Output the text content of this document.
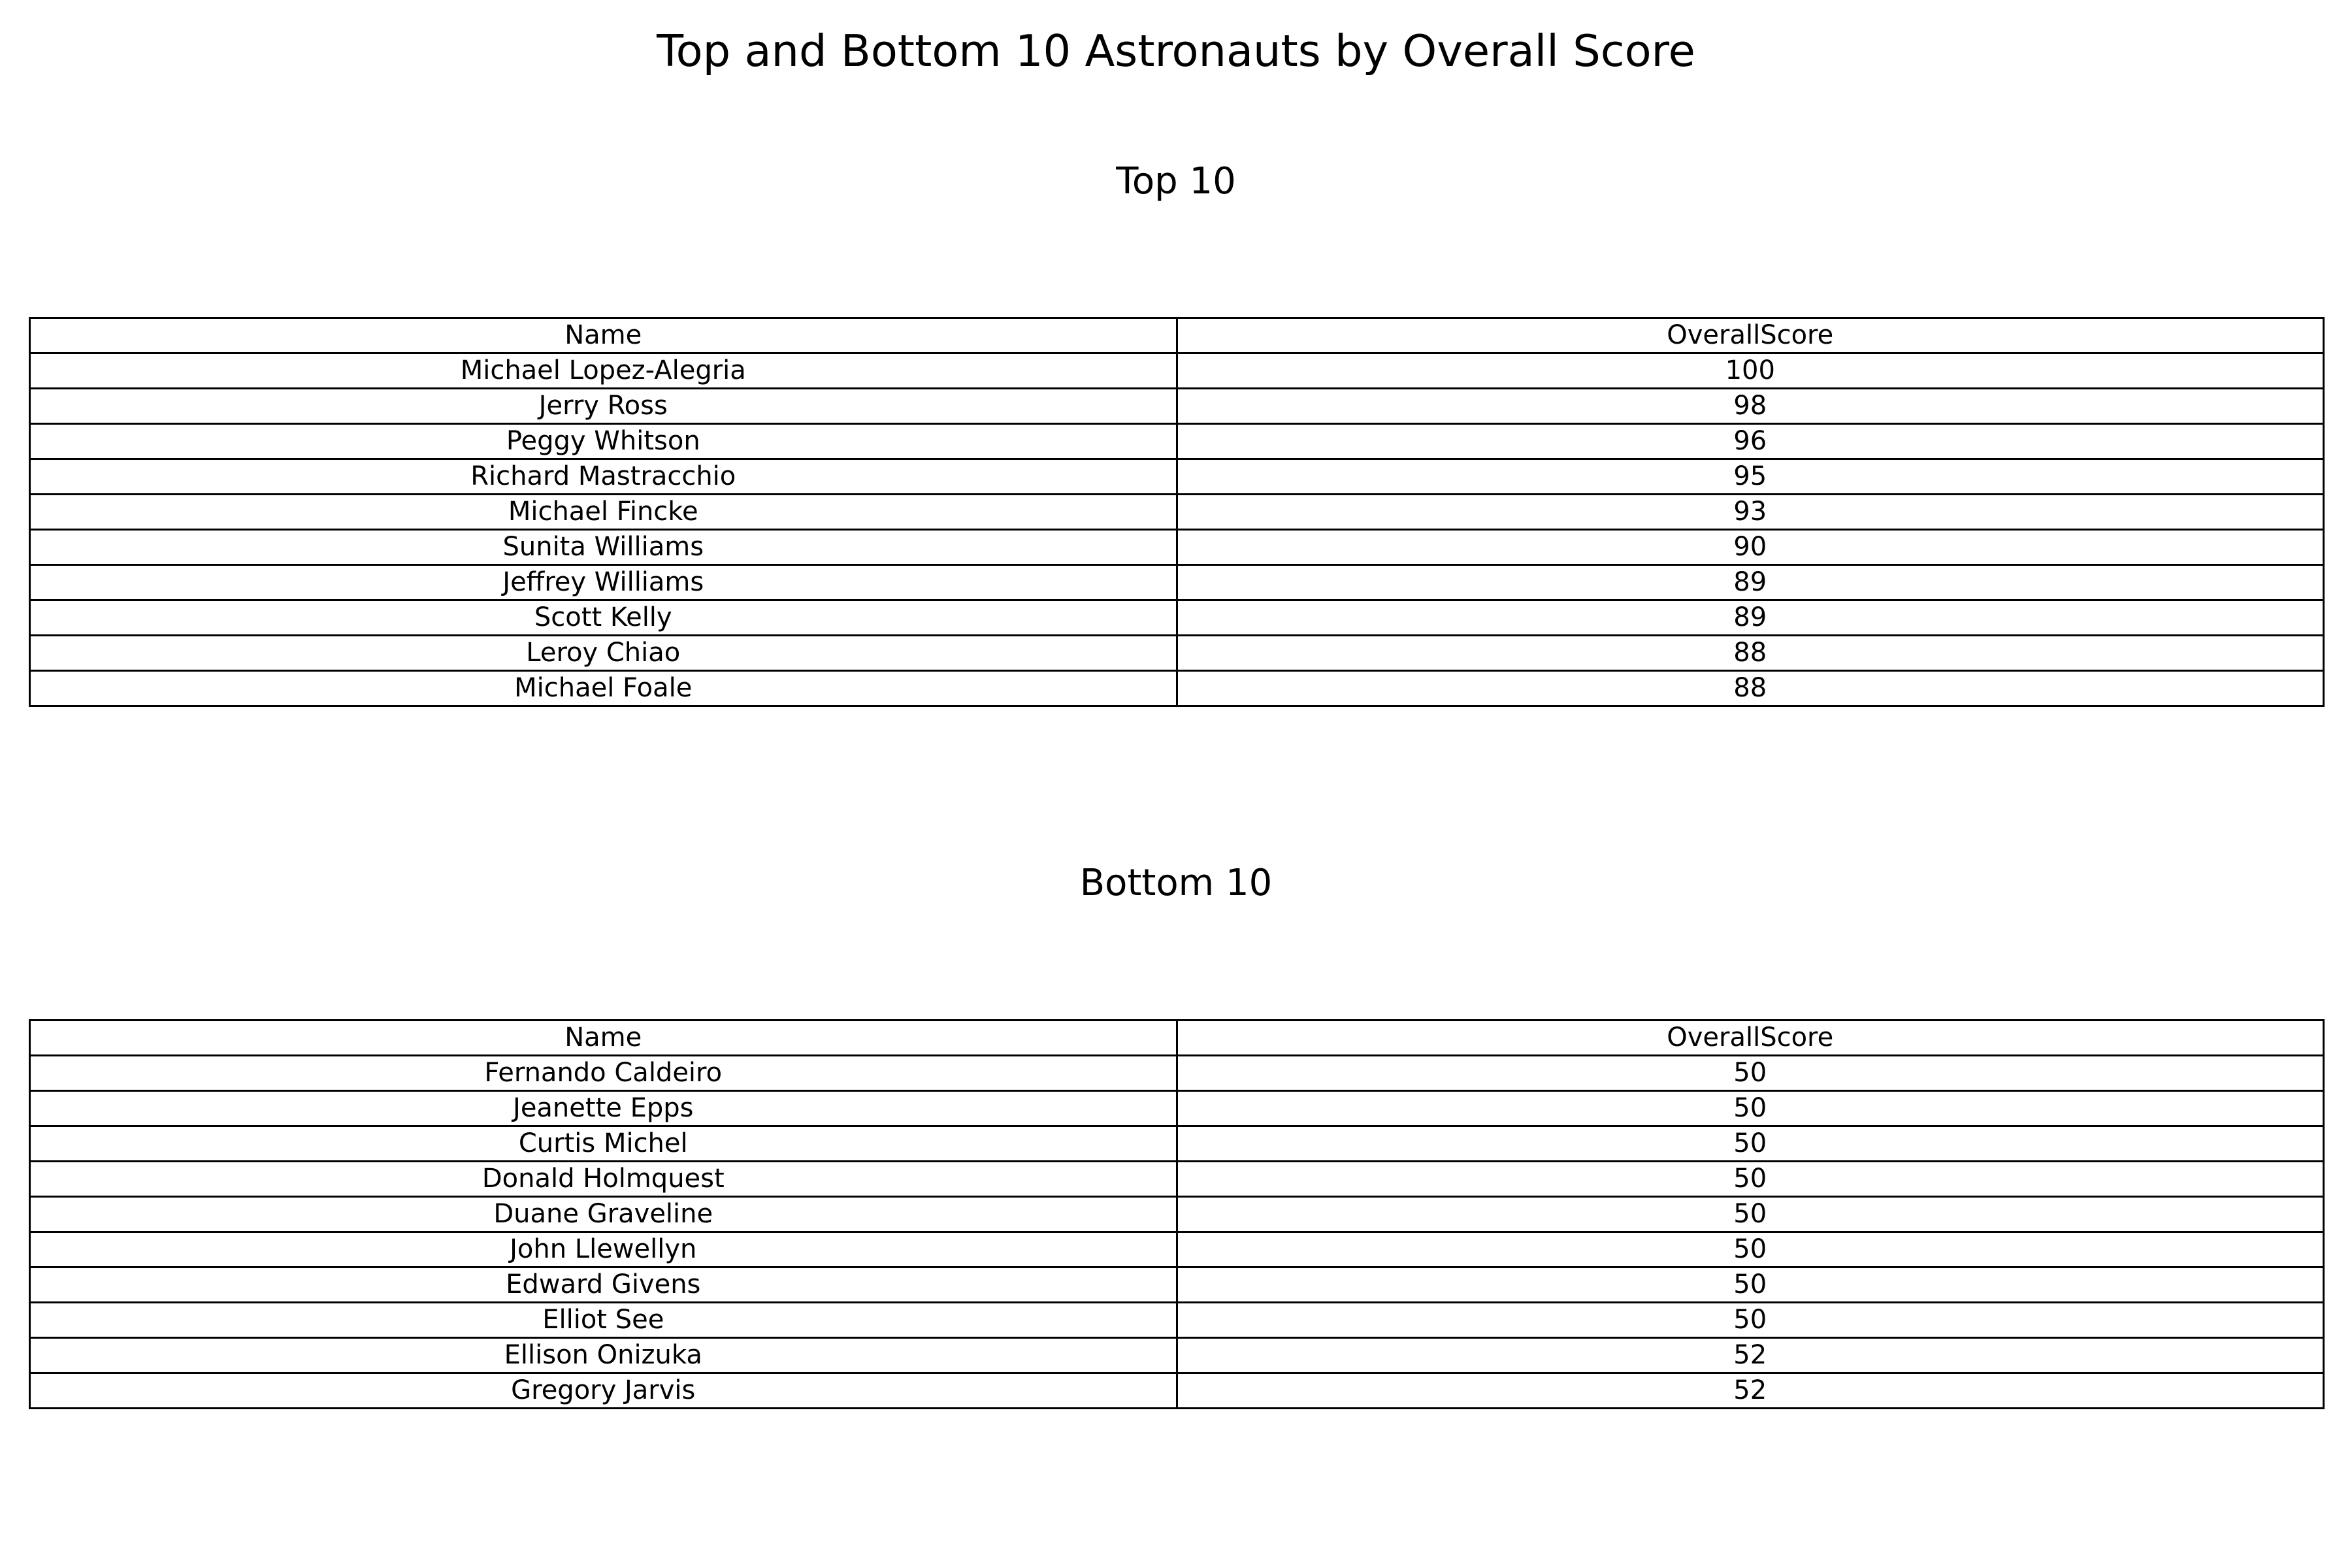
Top and Bottom 10 Astronauts by Overall Score
Top 10
Name	OverallScore
Michael Lopez-Alegria	100
Jerry Ross	98
Peggy Whitson	96
Richard Mastracchio	95
Michael Fincke	93
Sunita Williams	90
Jeffrey Williams	89
Scott Kelly	89
Leroy Chiao	88
Michael Foale	88
Bottom 10
Name	OverallScore
Fernando Caldeiro	50
Jeanette Epps	50
Curtis Michel	50
Donald Holmquest	50
Duane Graveline	50
John Llewellyn	50
Edward Givens	50
Elliot See	50
Ellison Onizuka	52
Gregory Jarvis	52
